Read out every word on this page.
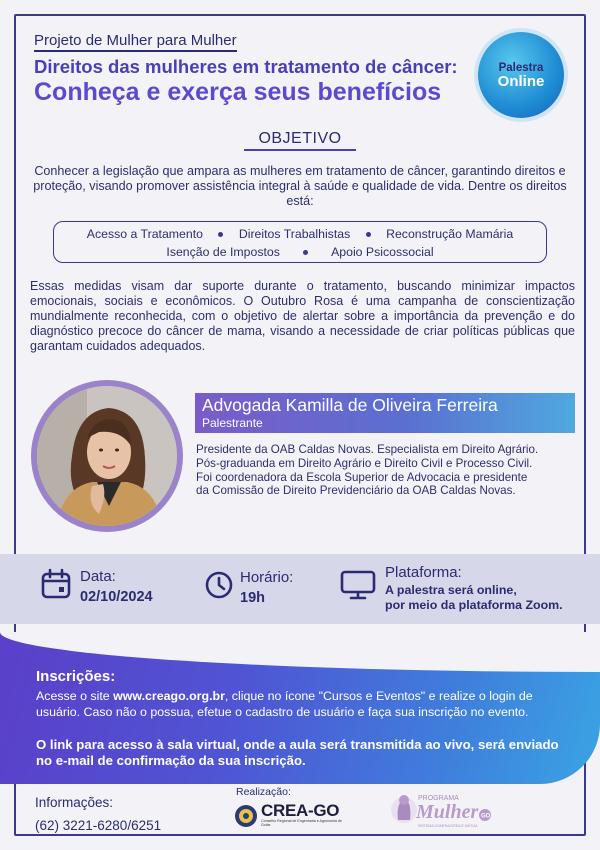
Projeto de Mulher para Mulher
Direitos das mulheres em tratamento de câncer:
Conheça e exerça seus benefícios
Palestra
Online
OBJETIVO
Conhecer a legislação que ampara as mulheres em tratamento de câncer, garantindo direitos e proteção, visando promover assistência integral à saúde e qualidade de vida. Dentre os direitos está:
Acesso a Tratamento	Direitos Trabalhistas	Reconstrução Mamária
Isenção de Impostos	Apoio Psicossocial
Essas medidas visam dar suporte durante o tratamento, buscando minimizar impactos emocionais, sociais e econômicos. O Outubro Rosa é uma campanha de conscientização mundialmente reconhecida, com o objetivo de alertar sobre a importância da prevenção e do diagnóstico precoce do câncer de mama, visando a necessidade de criar políticas públicas que garantam cuidados adequados.
Advogada Kamilla de Oliveira Ferreira
Palestrante
Presidente da OAB Caldas Novas. Especialista em Direito Agrário.
Pós-graduanda em Direito Agrário e Direito Civil e Processo Civil.
Foi coordenadora da Escola Superior de Advocacia e presidente
da Comissão de Direito Previdenciário da OAB Caldas Novas.
Data:
02/10/2024
Horário:
19h
Plataforma:
A palestra será online,
por meio da plataforma Zoom.
Inscrições:
Acesse o site www.creago.org.br, clique no ícone "Cursos e Eventos" e realize o login de usuário. Caso não o possua, efetue o cadastro de usuário e faça sua inscrição no evento.
O link para acesso à sala virtual, onde a aula será transmitida ao vivo, será enviado no e-mail de confirmação da sua inscrição.
Informações:
(62) 3221-6280/6251
Realização:
CREA-GO
Conselho Regional de Engenharia e Agronomia de Goiás
PROGRAMA
Mulher GO
SISTEMA CONFEA/CREA E MÚTUA
